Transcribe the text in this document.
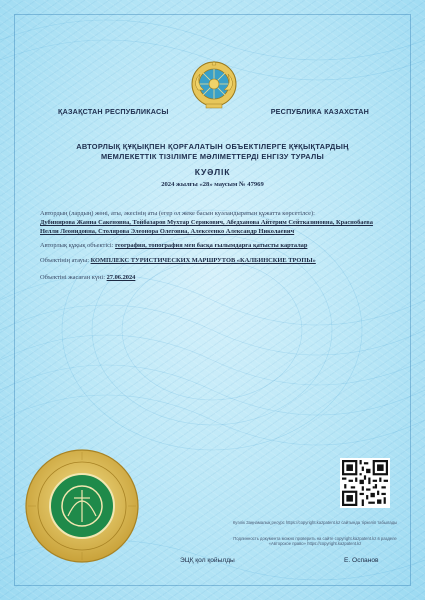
ҚАЗАҚСТАН РЕСПУБЛИКАСЫ	РЕСПУБЛИКА КАЗАХСТАН
АВТОРЛЫҚ ҚҰҚЫҚПЕН ҚОРҒАЛАТЫН ОБЪЕКТІЛЕРГЕ ҚҰҚЫҚТАРДЫҢ
МЕМЛЕКЕТТІК ТІЗІЛІМГЕ МӘЛІМЕТТЕРДІ ЕНГІЗУ ТУРАЛЫ
КУӘЛІК
2024 жылғы «28» маусым № 47969
Автордың (лардың) жөні, аты, әкесінің аты (егер ол жеке басын куәландыратын құжатта көрсетілсе):
Дубинирова Жанна Сакеновна, Тойбазаров Мухтар Серикович, Абедханова Айтерим Сейтказиновна, Краснобаева Нелли Леонидовна, Столярова Элеонора Олеговна, Алексеенко Александр Николаевич
Авторлық құқық объектісі: география, топография мен басқа ғылымдарға қатысты карталар
Объектінің атауы: КОМПЛЕКС ТУРИСТИЧЕСКИХ МАРШРУТОВ «КАЛБИНСКИЕ ТРОПЫ»
Объектіні жасаған күні: 27.06.2024
Куәлік Заңнамалық ресурс https://copyright.kazpatent.kz сайтында тіркеліп табылады
Подлинность документа можно проверить на сайте copyright.kazpatent.kz в разделе «Авторское право» https://copyright.kazpatent.kz
ЭЦҚ қол қойылды	Е. Оспанов
